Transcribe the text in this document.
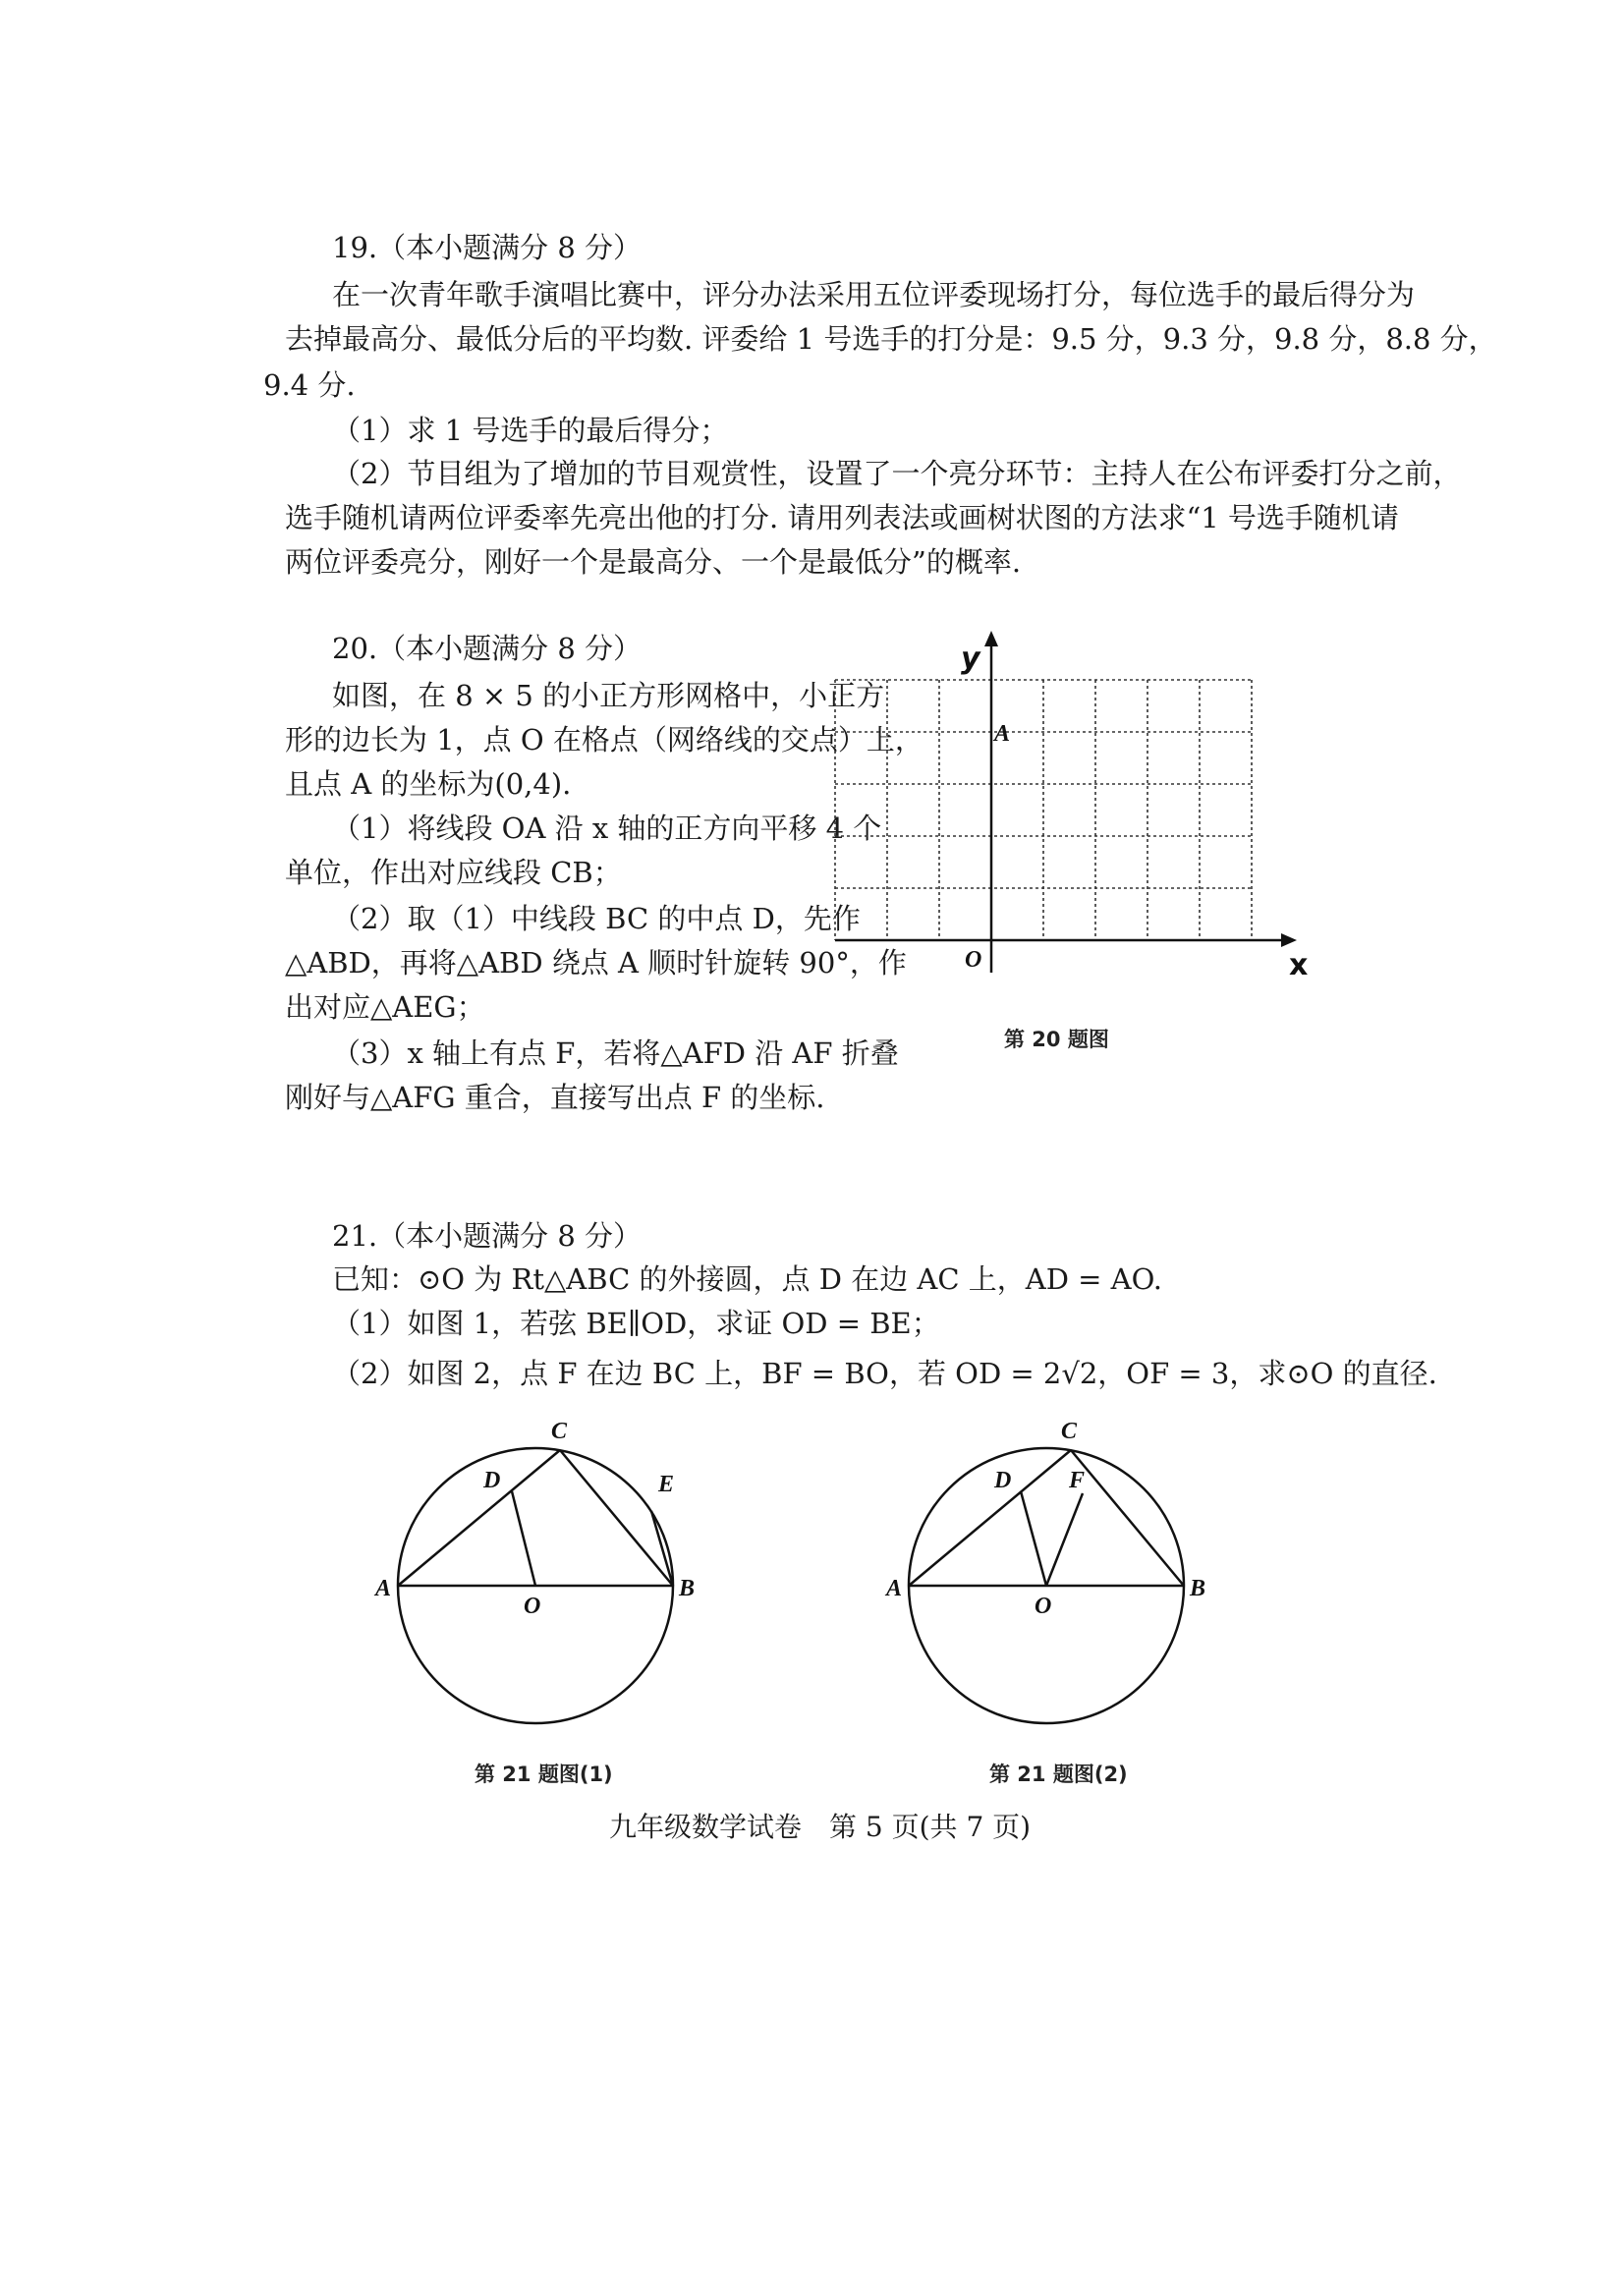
19.（本小题满分 8 分）
在一次青年歌手演唱比赛中，评分办法采用五位评委现场打分，每位选手的最后得分为
去掉最高分、最低分后的平均数. 评委给 1 号选手的打分是：9.5 分，9.3 分，9.8 分，8.8 分，
9.4 分.
（1）求 1 号选手的最后得分；
（2）节目组为了增加的节目观赏性，设置了一个亮分环节：主持人在公布评委打分之前，
选手随机请两位评委率先亮出他的打分. 请用列表法或画树状图的方法求“1 号选手随机请
两位评委亮分，刚好一个是最高分、一个是最低分”的概率.
20.（本小题满分 8 分）
如图，在 8 × 5 的小正方形网格中，小正方
形的边长为 1，点 O 在格点（网络线的交点）上，
且点 A 的坐标为(0,4).
（1）将线段 OA 沿 x 轴的正方向平移 4 个
单位，作出对应线段 CB；
（2）取（1）中线段 BC 的中点 D，先作
△ABD，再将△ABD 绕点 A 顺时针旋转 90°，作
出对应△AEG；
（3）x 轴上有点 F，若将△AFD 沿 AF 折叠
刚好与△AFG 重合，直接写出点 F 的坐标.
x
y
O
A
第 20 题图
21.（本小题满分 8 分）
已知：⊙O 为 Rt△ABC 的外接圆，点 D 在边 AC 上，AD = AO.
（1）如图 1，若弦 BE∥OD，求证 OD = BE；
（2）如图 2，点 F 在边 BC 上，BF = BO，若 OD = 2√2，OF = 3，求⊙O 的直径.
C
D	E
A	B
O
第 21 题图(1)
C
D F
A	B
O
第 21 题图(2)
九年级数学试卷　第 5 页(共 7 页)
